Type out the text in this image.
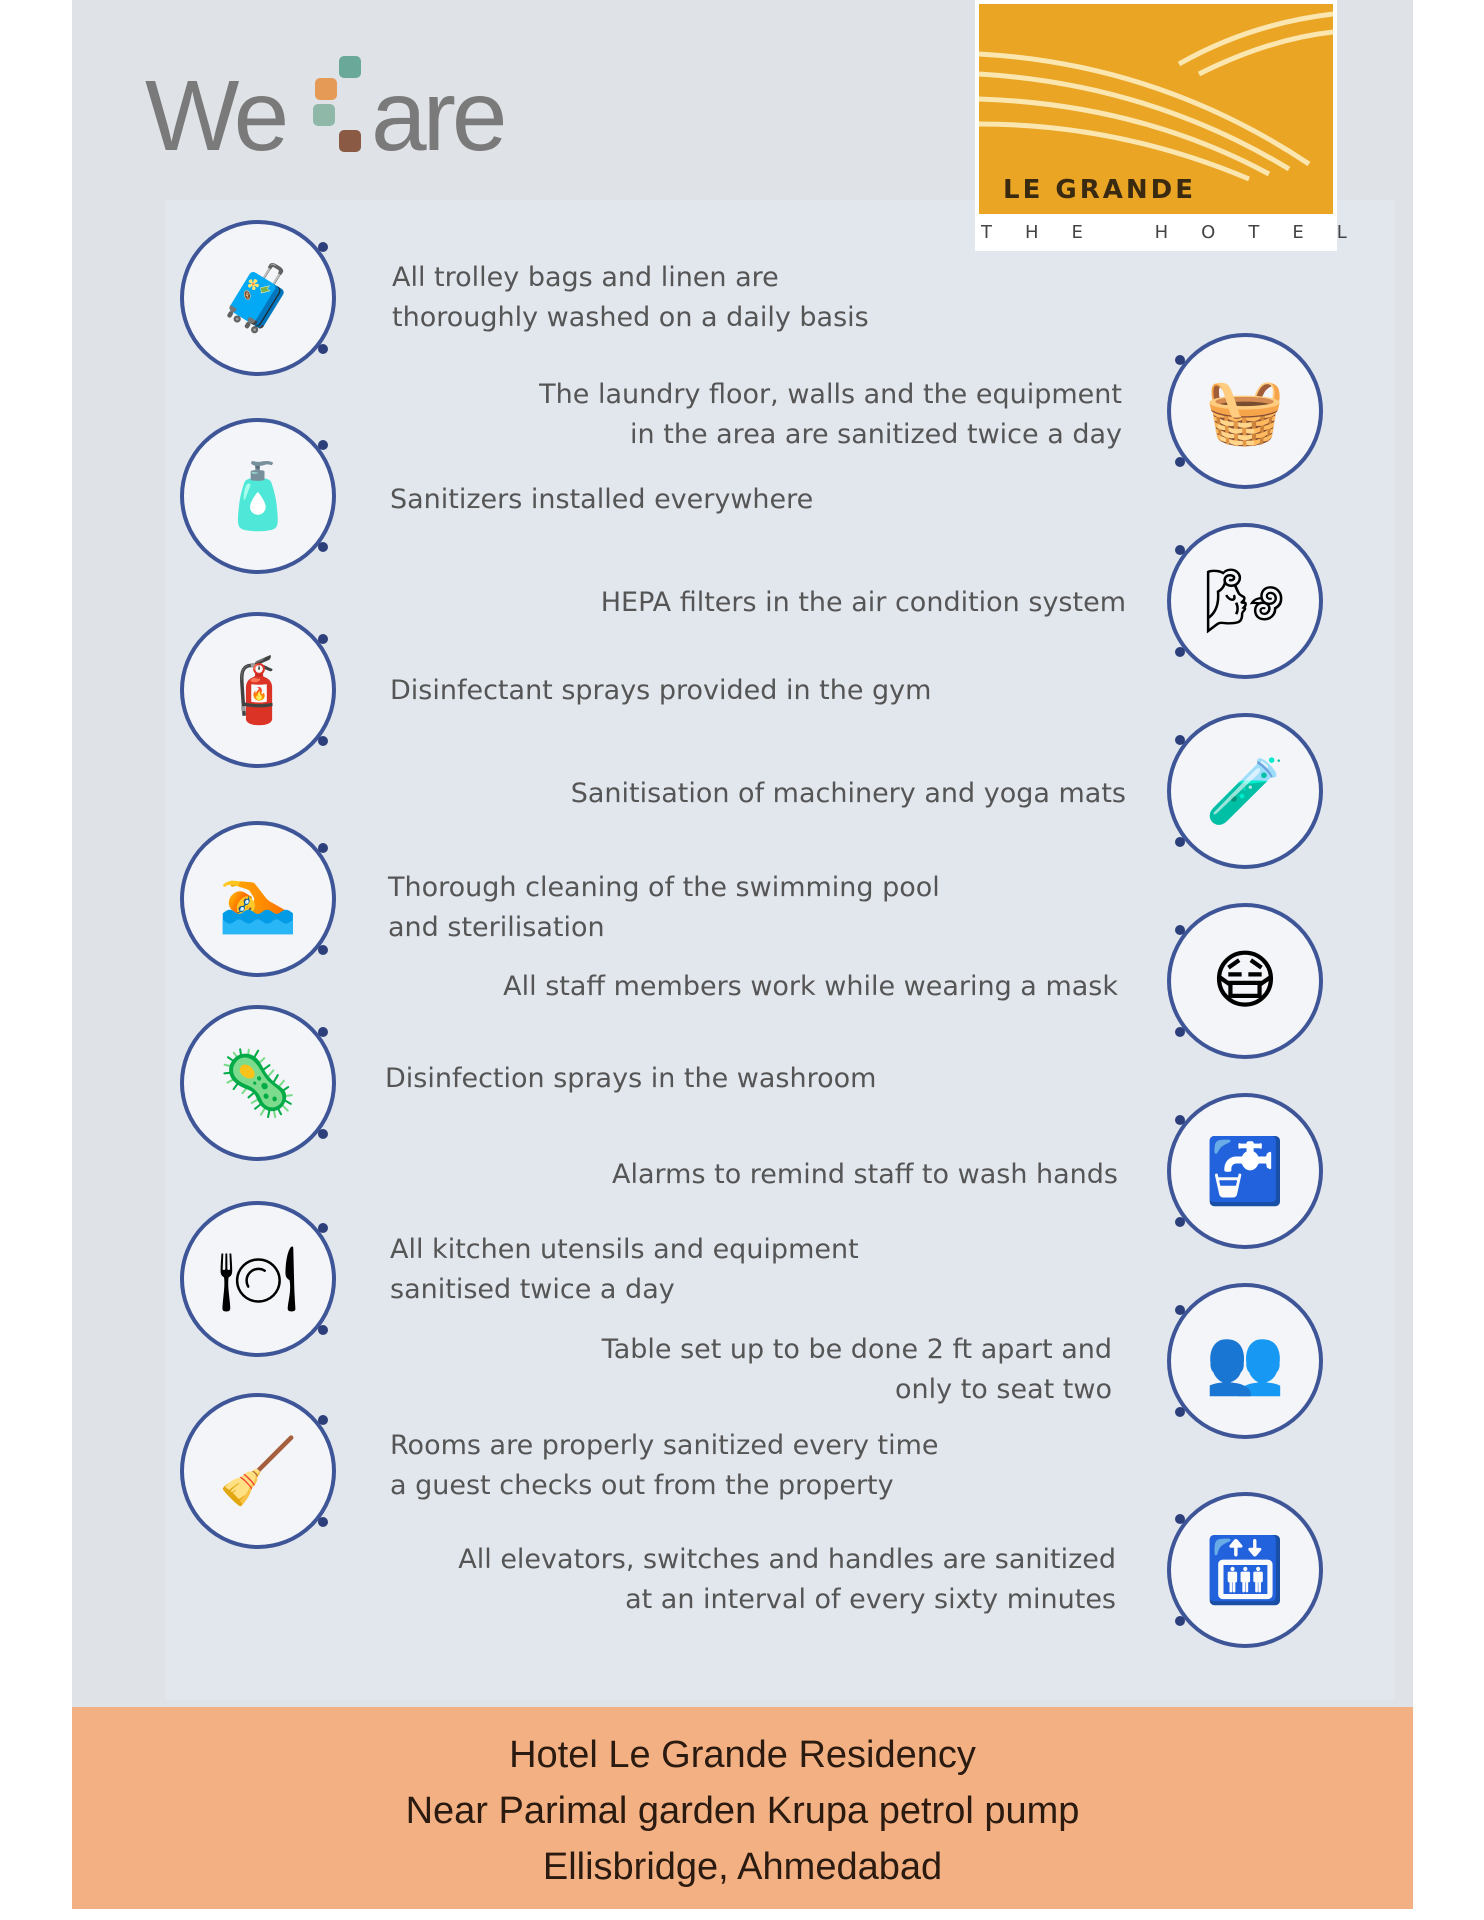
We are
LE GRANDE
THE HOTEL
🧳
🧺
🧴
🌬
🧯
🧪
🏊
😷
🦠
🚰
🍽
👥
🧹
🛗
All trolley bags and linen are
thoroughly washed on a daily basis
The laundry floor, walls and the equipment
in the area are sanitized twice a day
Sanitizers installed everywhere
HEPA filters in the air condition system
Disinfectant sprays provided in the gym
Sanitisation of machinery and yoga mats
Thorough cleaning of the swimming pool
and sterilisation
All staff members work while wearing a mask
Disinfection sprays in the washroom
Alarms to remind staff to wash hands
All kitchen utensils and equipment
sanitised twice a day
Table set up to be done 2 ft apart and
only to seat two
Rooms are properly sanitized every time
a guest checks out from the property
All elevators, switches and handles are sanitized
at an interval of every sixty minutes
Hotel Le Grande Residency
Near Parimal garden Krupa petrol pump
Ellisbridge, Ahmedabad
